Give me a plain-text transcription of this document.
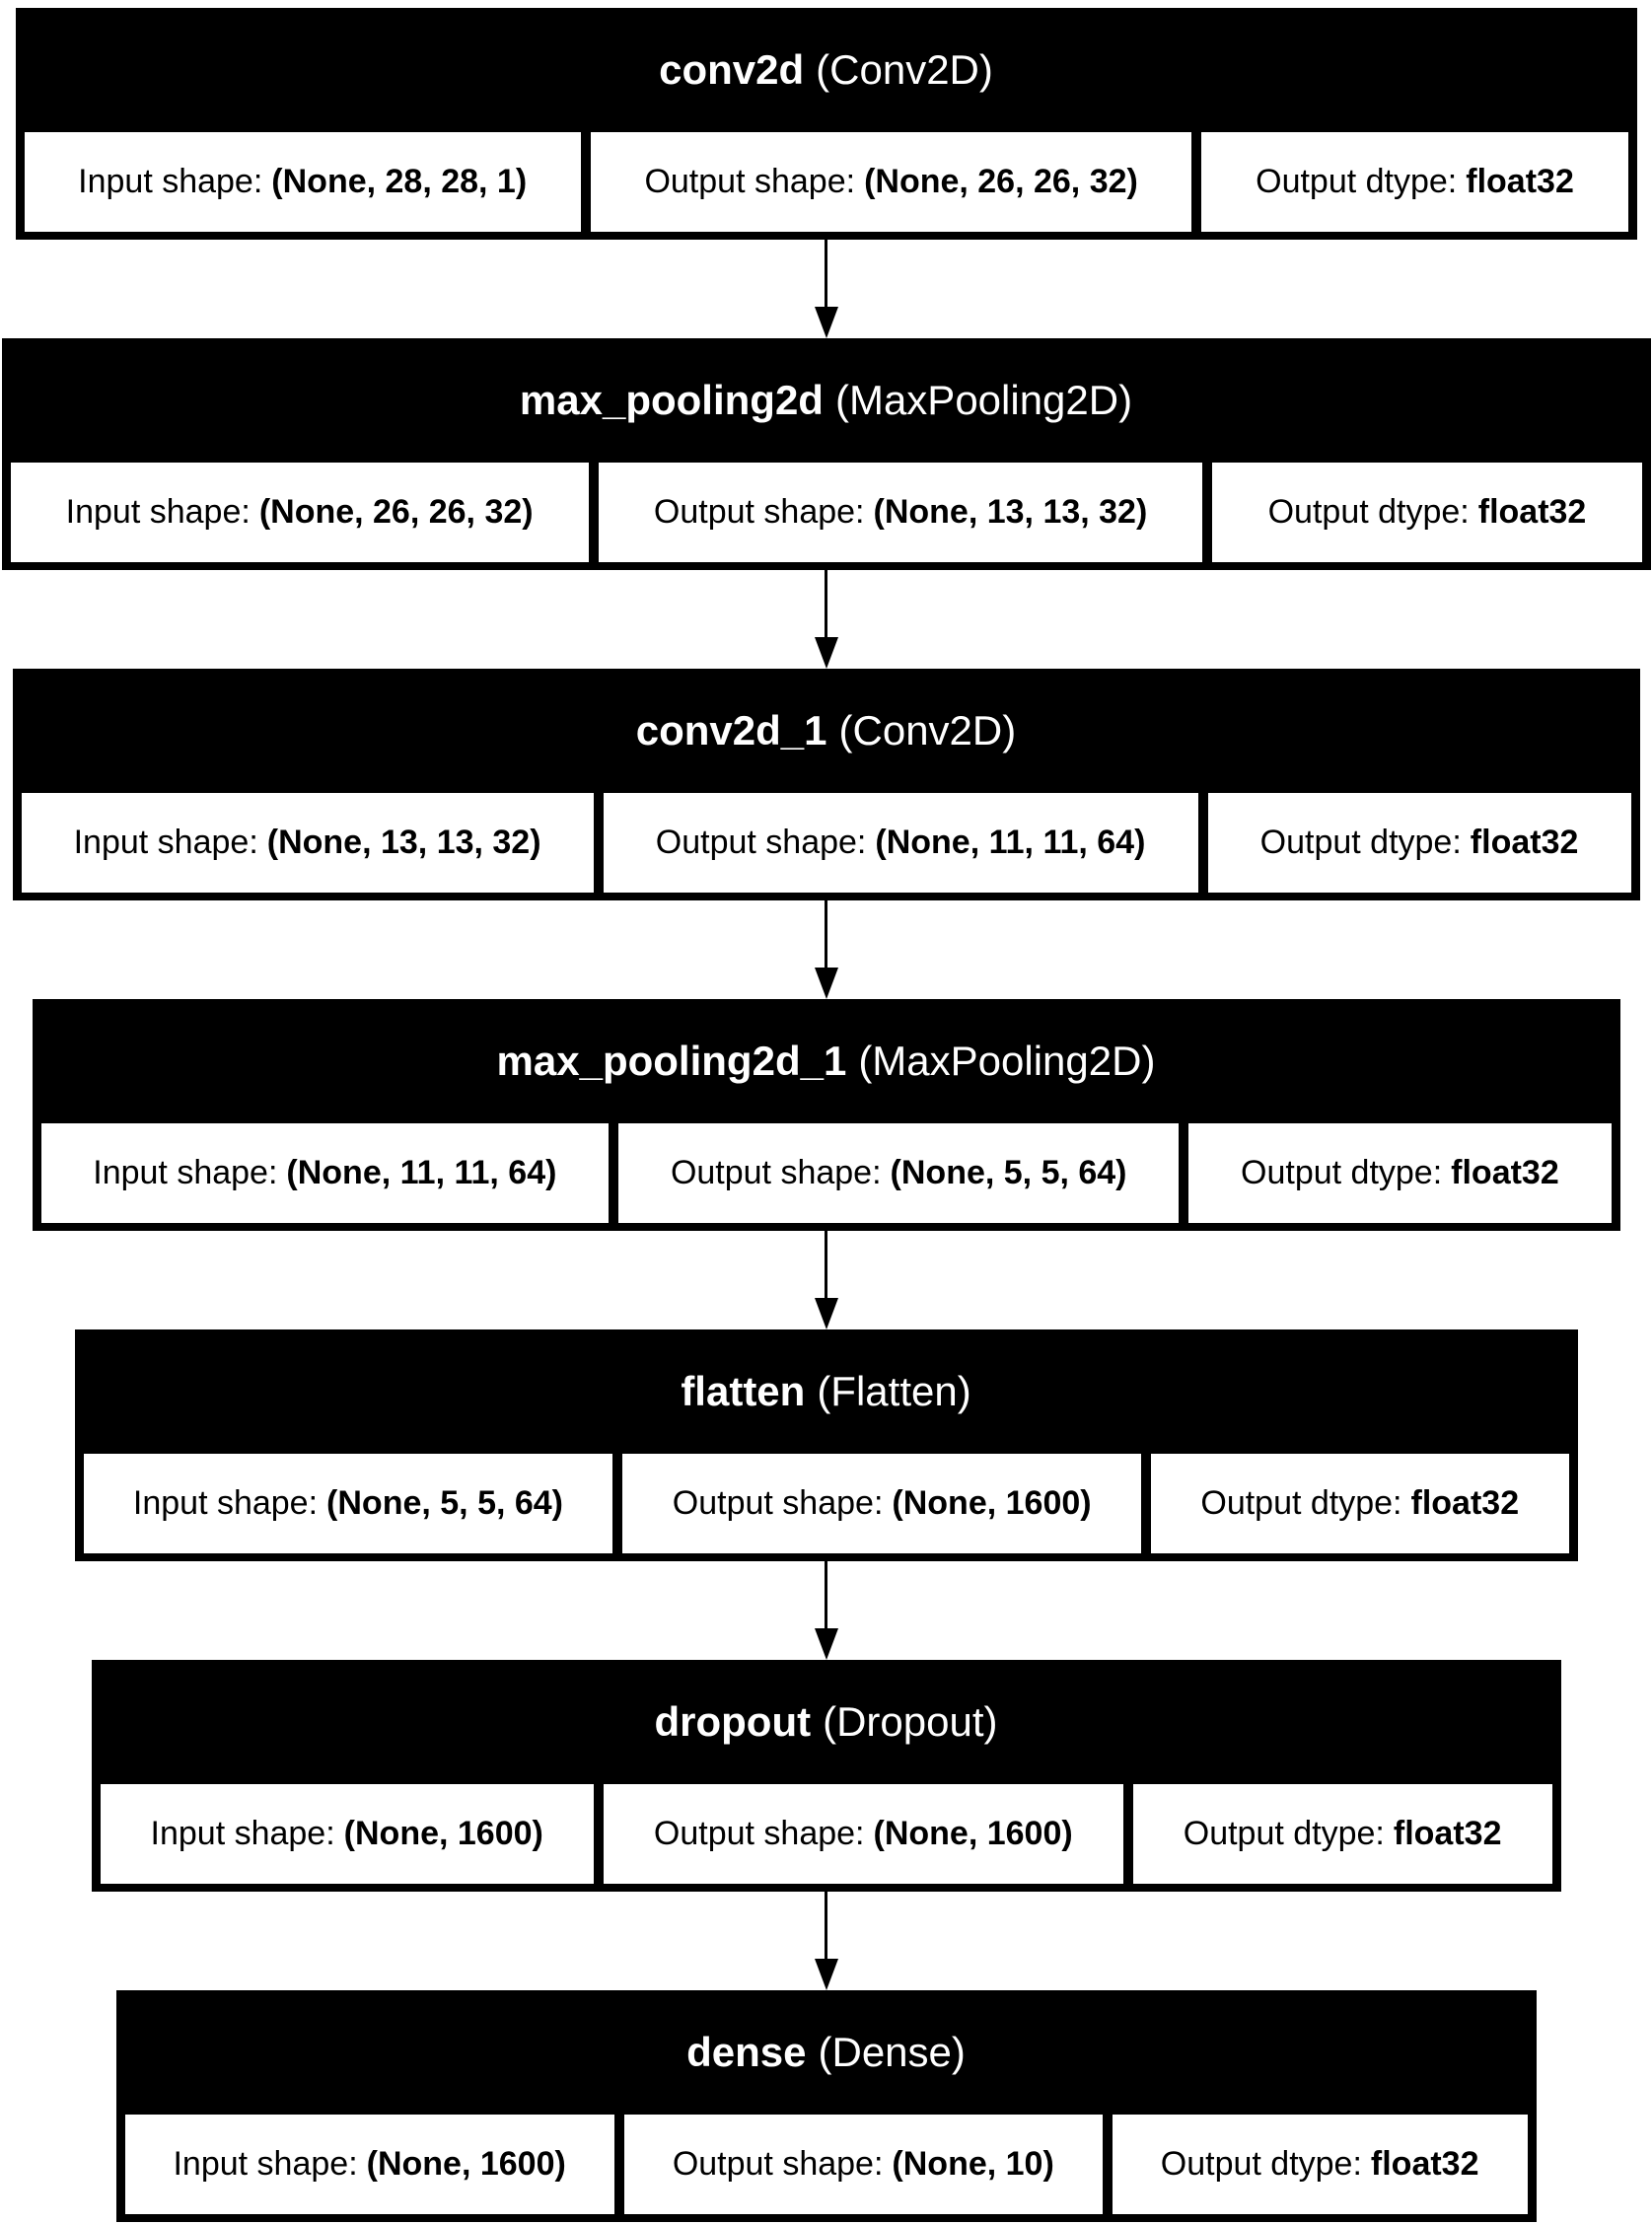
conv2d (Conv2D)
Input shape: (None, 28, 28, 1)	Output shape: (None, 26, 26, 32)	Output dtype: float32
max_pooling2d (MaxPooling2D)
Input shape: (None, 26, 26, 32)	Output shape: (None, 13, 13, 32)	Output dtype: float32
conv2d_1 (Conv2D)
Input shape: (None, 13, 13, 32)	Output shape: (None, 11, 11, 64)	Output dtype: float32
max_pooling2d_1 (MaxPooling2D)
Input shape: (None, 11, 11, 64)	Output shape: (None, 5, 5, 64)	Output dtype: float32
flatten (Flatten)
Input shape: (None, 5, 5, 64)	Output shape: (None, 1600)	Output dtype: float32
dropout (Dropout)
Input shape: (None, 1600)	Output shape: (None, 1600)	Output dtype: float32
dense (Dense)
Input shape: (None, 1600)	Output shape: (None, 10)	Output dtype: float32
